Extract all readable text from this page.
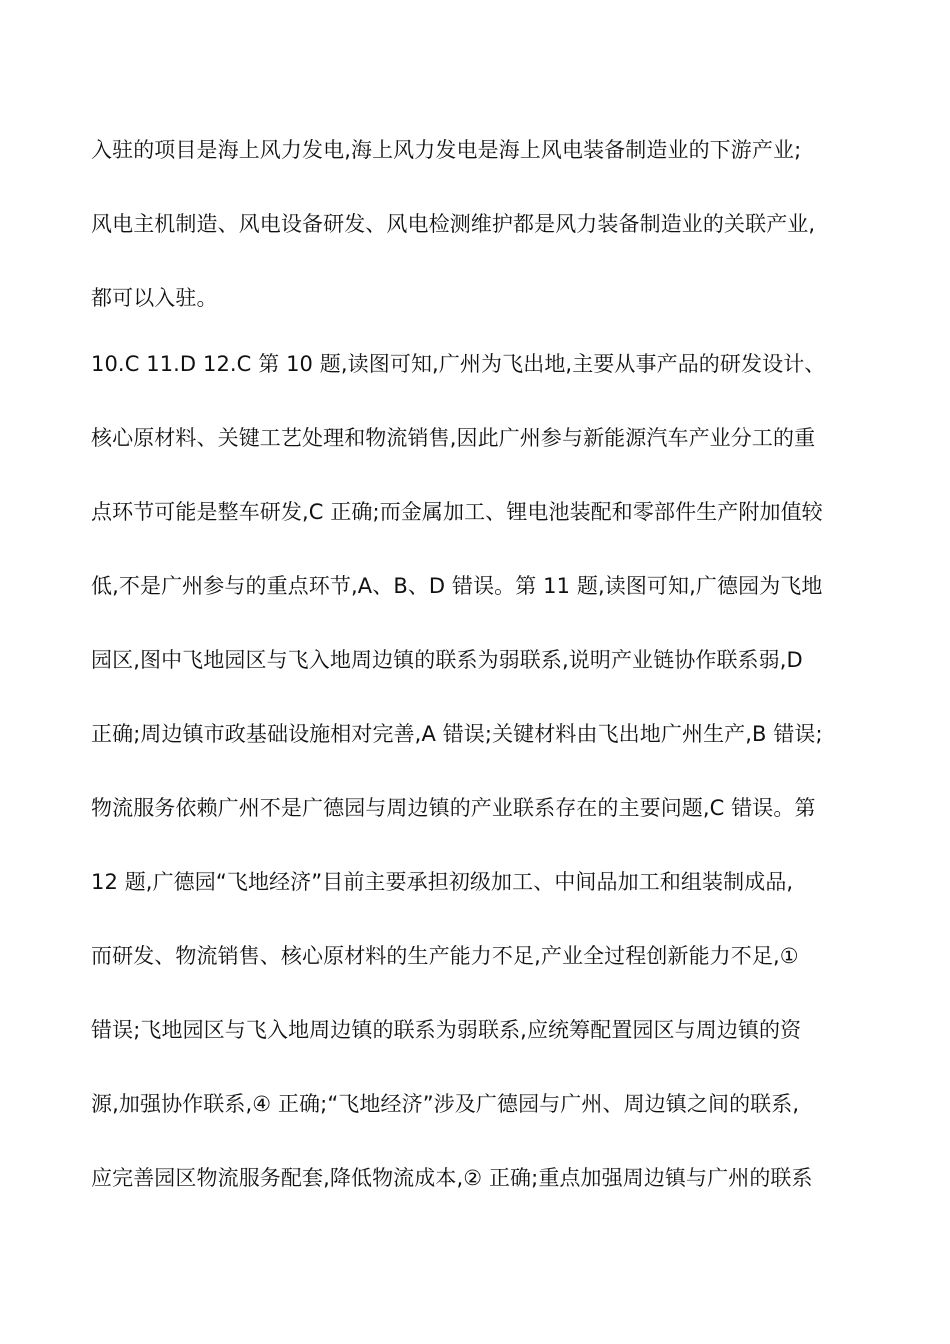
入驻的项目是海上风力发电,海上风力发电是海上风电装备制造业的下游产业;
风电主机制造、风电设备研发、风电检测维护都是风力装备制造业的关联产业,
都可以入驻。
10.C 11.D 12.C 第 10 题,读图可知,广州为飞出地,主要从事产品的研发设计、
核心原材料、关键工艺处理和物流销售,因此广州参与新能源汽车产业分工的重
点环节可能是整车研发,C 正确;而金属加工、锂电池装配和零部件生产附加值较
低,不是广州参与的重点环节,A、B、D 错误。第 11 题,读图可知,广德园为飞地
园区,图中飞地园区与飞入地周边镇的联系为弱联系,说明产业链协作联系弱,D
正确;周边镇市政基础设施相对完善,A 错误;关键材料由飞出地广州生产,B 错误;
物流服务依赖广州不是广德园与周边镇的产业联系存在的主要问题,C 错误。第
12 题,广德园“飞地经济”目前主要承担初级加工、中间品加工和组装制成品,
而研发、物流销售、核心原材料的生产能力不足,产业全过程创新能力不足,①
错误;飞地园区与飞入地周边镇的联系为弱联系,应统筹配置园区与周边镇的资
源,加强协作联系,④ 正确;“飞地经济”涉及广德园与广州、周边镇之间的联系,
应完善园区物流服务配套,降低物流成本,② 正确;重点加强周边镇与广州的联系
